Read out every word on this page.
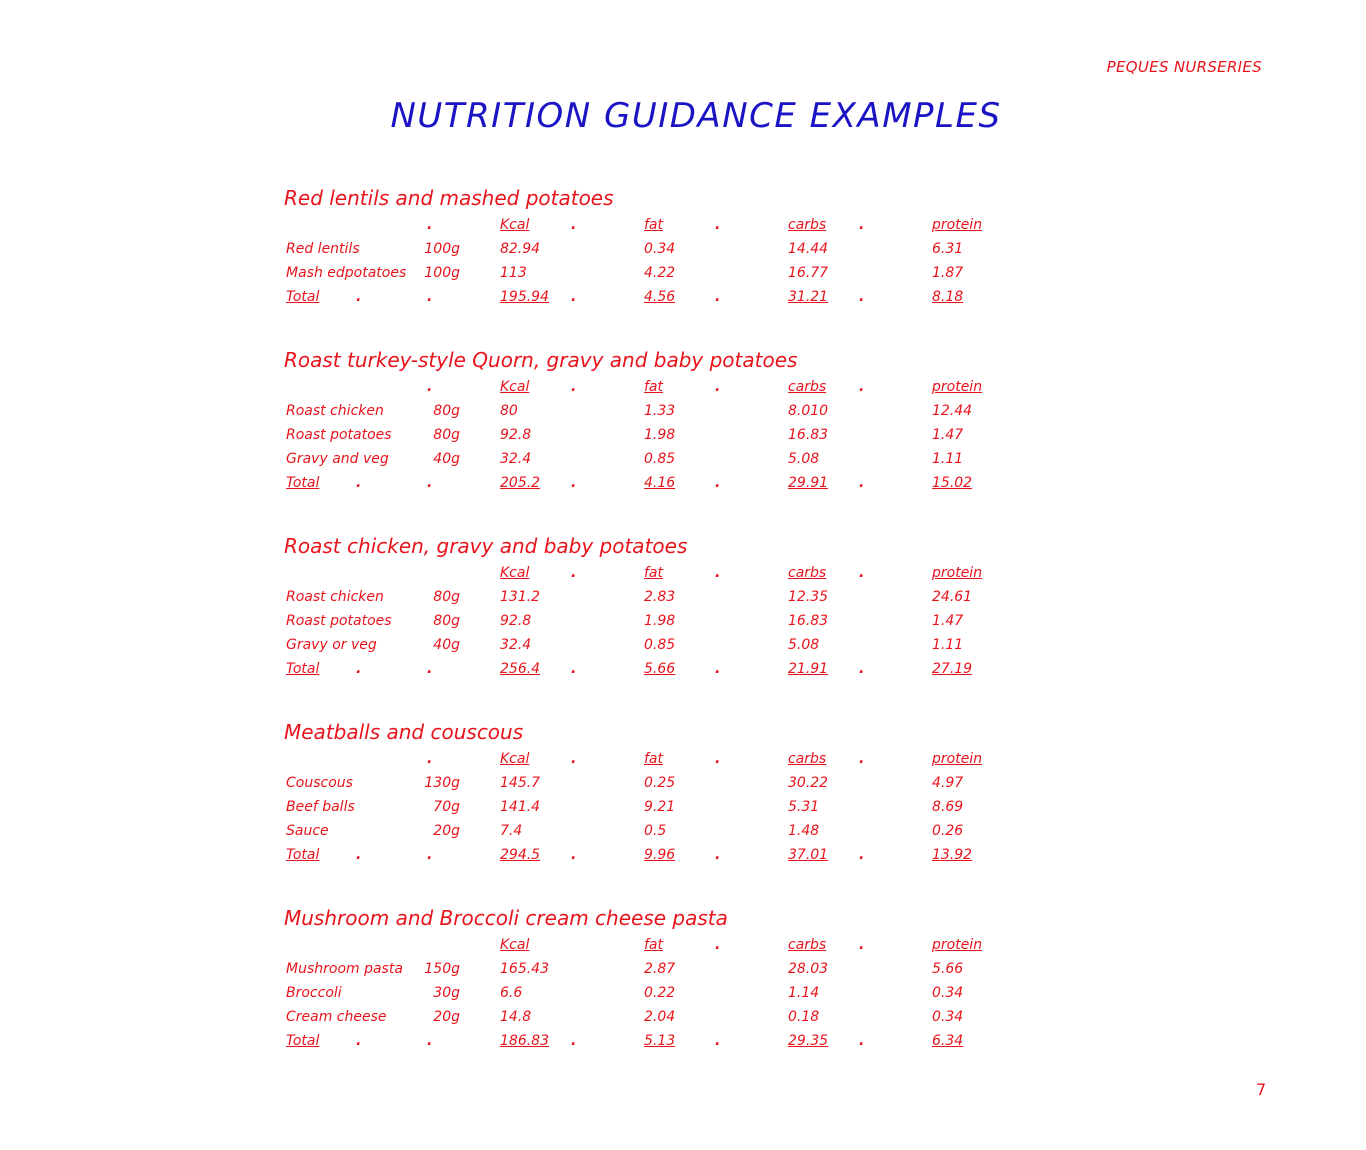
PEQUES NURSERIES
NUTRITION GUIDANCE EXAMPLES
Red lentils and mashed potatoes
.	Kcal	.	fat	.	carbs .	protein
Red lentils	100g	82.94	0.34	14.44	6.31
Mash edpotatoes	100g	113	4.22	16.77	1.87
Total	.	.	195.94 .	4.56	.	31.21 .	8.18
Roast turkey-style Quorn, gravy and baby potatoes
.	Kcal	.	fat	.	carbs .	protein
Roast chicken	80g	80	1.33	8.010	12.44
Roast potatoes	80g	92.8	1.98	16.83	1.47
Gravy and veg	40g	32.4	0.85	5.08	1.11
Total	.	.	205.2 .	4.16	.	29.91 .	15.02
Roast chicken, gravy and baby potatoes
Kcal	.	fat	.	carbs .	protein
Roast chicken	80g	131.2	2.83	12.35	24.61
Roast potatoes	80g	92.8	1.98	16.83	1.47
Gravy or veg	40g	32.4	0.85	5.08	1.11
Total	.	.	256.4 .	5.66	.	21.91 .	27.19
Meatballs and couscous
.	Kcal	.	fat	.	carbs .	protein
Couscous	130g	145.7	0.25	30.22	4.97
Beef balls	70g	141.4	9.21	5.31	8.69
Sauce	20g	7.4	0.5	1.48	0.26
Total	.	.	294.5 .	9.96	.	37.01 .	13.92
Mushroom and Broccoli cream cheese pasta
Kcal	fat	.	carbs .	protein
Mushroom pasta	150g	165.43	2.87	28.03	5.66
Broccoli	30g	6.6	0.22	1.14	0.34
Cream cheese	20g	14.8	2.04	0.18	0.34
Total	.	.	186.83 .	5.13	.	29.35 .	6.34
7
